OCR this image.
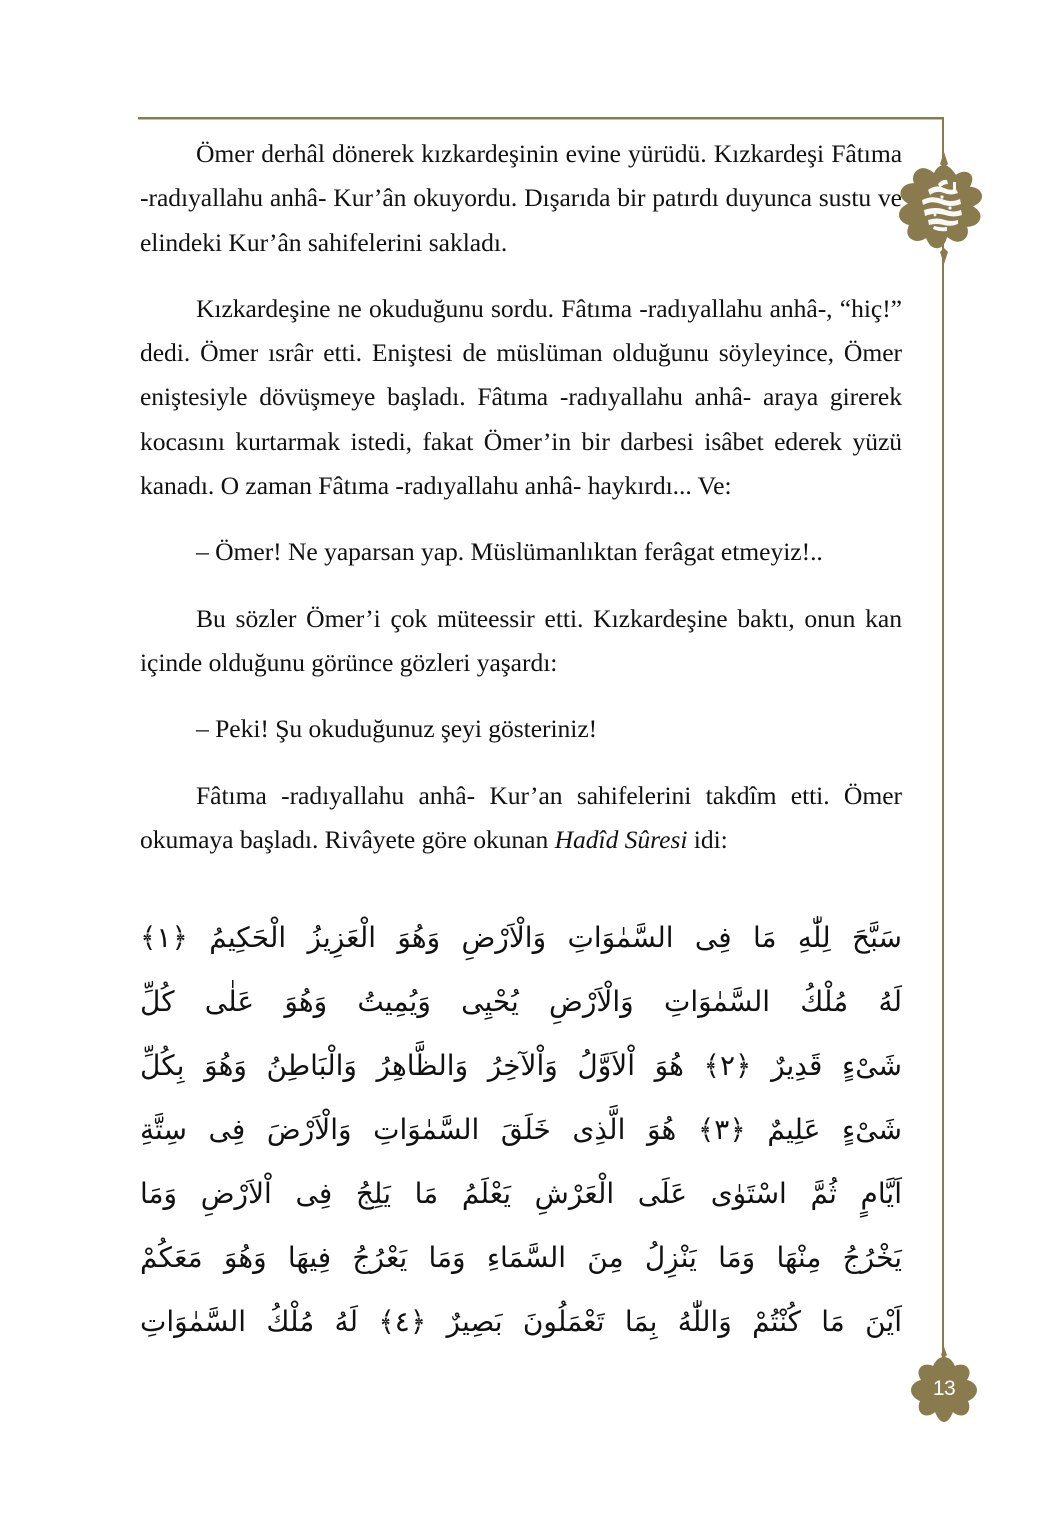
13

Ömer derhâl dönerek kızkardeşinin evine yürüdü. Kızkardeşi Fâtıma -radıyallahu anhâ- Kur’ân okuyordu. Dışarıda bir patırdı duyunca sustu ve elindeki Kur’ân sahifelerini sakladı.

Kızkardeşine ne okuduğunu sordu. Fâtıma -radıyallahu anhâ-, “hiç!” dedi. Ömer ısrâr etti. Eniştesi de müslüman olduğunu söyleyince, Ömer eniştesiyle dövüşmeye başladı. Fâtıma -radıyallahu anhâ- araya girerek kocasını kurtarmak istedi, fakat Ömer’in bir darbesi isâbet ederek yüzü kanadı. O zaman Fâtıma -radıyallahu anhâ- haykırdı... Ve:

– Ömer! Ne yaparsan yap. Müslümanlıktan ferâgat etmeyiz!..

Bu sözler Ömer’i çok müteessir etti. Kızkardeşine baktı, onun kan içinde olduğunu görünce gözleri yaşardı:

– Peki! Şu okuduğunuz şeyi gösteriniz!

Fâtıma -radıyallahu anhâ- Kur’an sahifelerini takdîm etti. Ömer okumaya başladı. Rivâyete göre okunan Hadîd Sûresi idi:

سَبَّحَ لِلّٰهِ مَا فِى السَّمٰوَاتِ وَالْاَرْضِ وَهُوَ الْعَزِيزُ الْحَكِيمُ ﴿١﴾
لَهُ مُلْكُ السَّمٰوَاتِ وَالْاَرْضِ يُحْيِى وَيُمِيتُ وَهُوَ عَلٰى كُلِّ
شَىْءٍ قَدِيرٌ ﴿٢﴾ هُوَ اْلاَوَّلُ وَاْلآخِرُ وَالظَّاهِرُ وَالْبَاطِنُ وَهُوَ بِكُلِّ
شَىْءٍ عَلِيمٌ ﴿٣﴾ هُوَ الَّذِى خَلَقَ السَّمٰوَاتِ وَالْاَرْضَ فِى سِتَّةِ
اَيَّامٍ ثُمَّ اسْتَوٰى عَلَى الْعَرْشِ يَعْلَمُ مَا يَلِجُ فِى اْلاَرْضِ وَمَا
يَخْرُجُ مِنْهَا وَمَا يَنْزِلُ مِنَ السَّمَاءِ وَمَا يَعْرُجُ فِيهَا وَهُوَ مَعَكُمْ
اَيْنَ مَا كُنْتُمْ وَاللّٰهُ بِمَا تَعْمَلُونَ بَصِيرٌ ﴿٤﴾ لَهُ مُلْكُ السَّمٰوَاتِ
